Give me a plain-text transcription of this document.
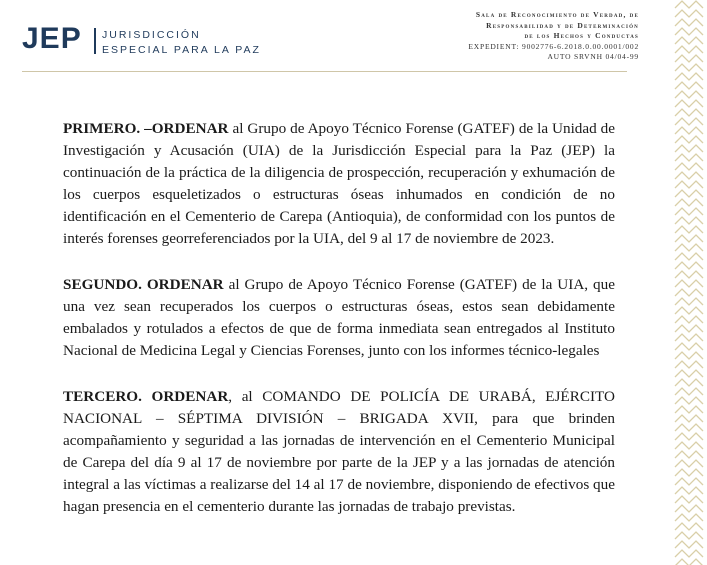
JEP JURISDICCIÓN
ESPECIAL PARA LA PAZ
Sala de Reconocimiento de Verdad, de
Responsabilidad y de Determinación
de los Hechos y Conductas
EXPEDIENT: 9002776-6.2018.0.00.0001/002
AUTO SRVNH 04/04-99

PRIMERO. –ORDENAR al Grupo de Apoyo Técnico Forense (GATEF) de la Unidad de Investigación y Acusación (UIA) de la Jurisdicción Especial para la Paz (JEP) la continuación de la práctica de la diligencia de prospección, recuperación y exhumación de los cuerpos esqueletizados o estructuras óseas inhumados en condición de no identificación en el Cementerio de Carepa (Antioquia), de conformidad con los puntos de interés forenses georreferenciados por la UIA, del 9 al 17 de noviembre de 2023.

SEGUNDO. ORDENAR al Grupo de Apoyo Técnico Forense (GATEF) de la UIA, que una vez sean recuperados los cuerpos o estructuras óseas, estos sean debidamente embalados y rotulados a efectos de que de forma inmediata sean entregados al Instituto Nacional de Medicina Legal y Ciencias Forenses, junto con los informes técnico-legales

TERCERO. ORDENAR, al COMANDO DE POLICÍA DE URABÁ, EJÉRCITO NACIONAL – SÉPTIMA DIVISIÓN – BRIGADA XVII, para que brinden acompañamiento y seguridad a las jornadas de intervención en el Cementerio Municipal de Carepa del día 9 al 17 de noviembre por parte de la JEP y a las jornadas de atención integral a las víctimas a realizarse del 14 al 17 de noviembre, disponiendo de efectivos que hagan presencia en el cementerio durante las jornadas de trabajo previstas.
